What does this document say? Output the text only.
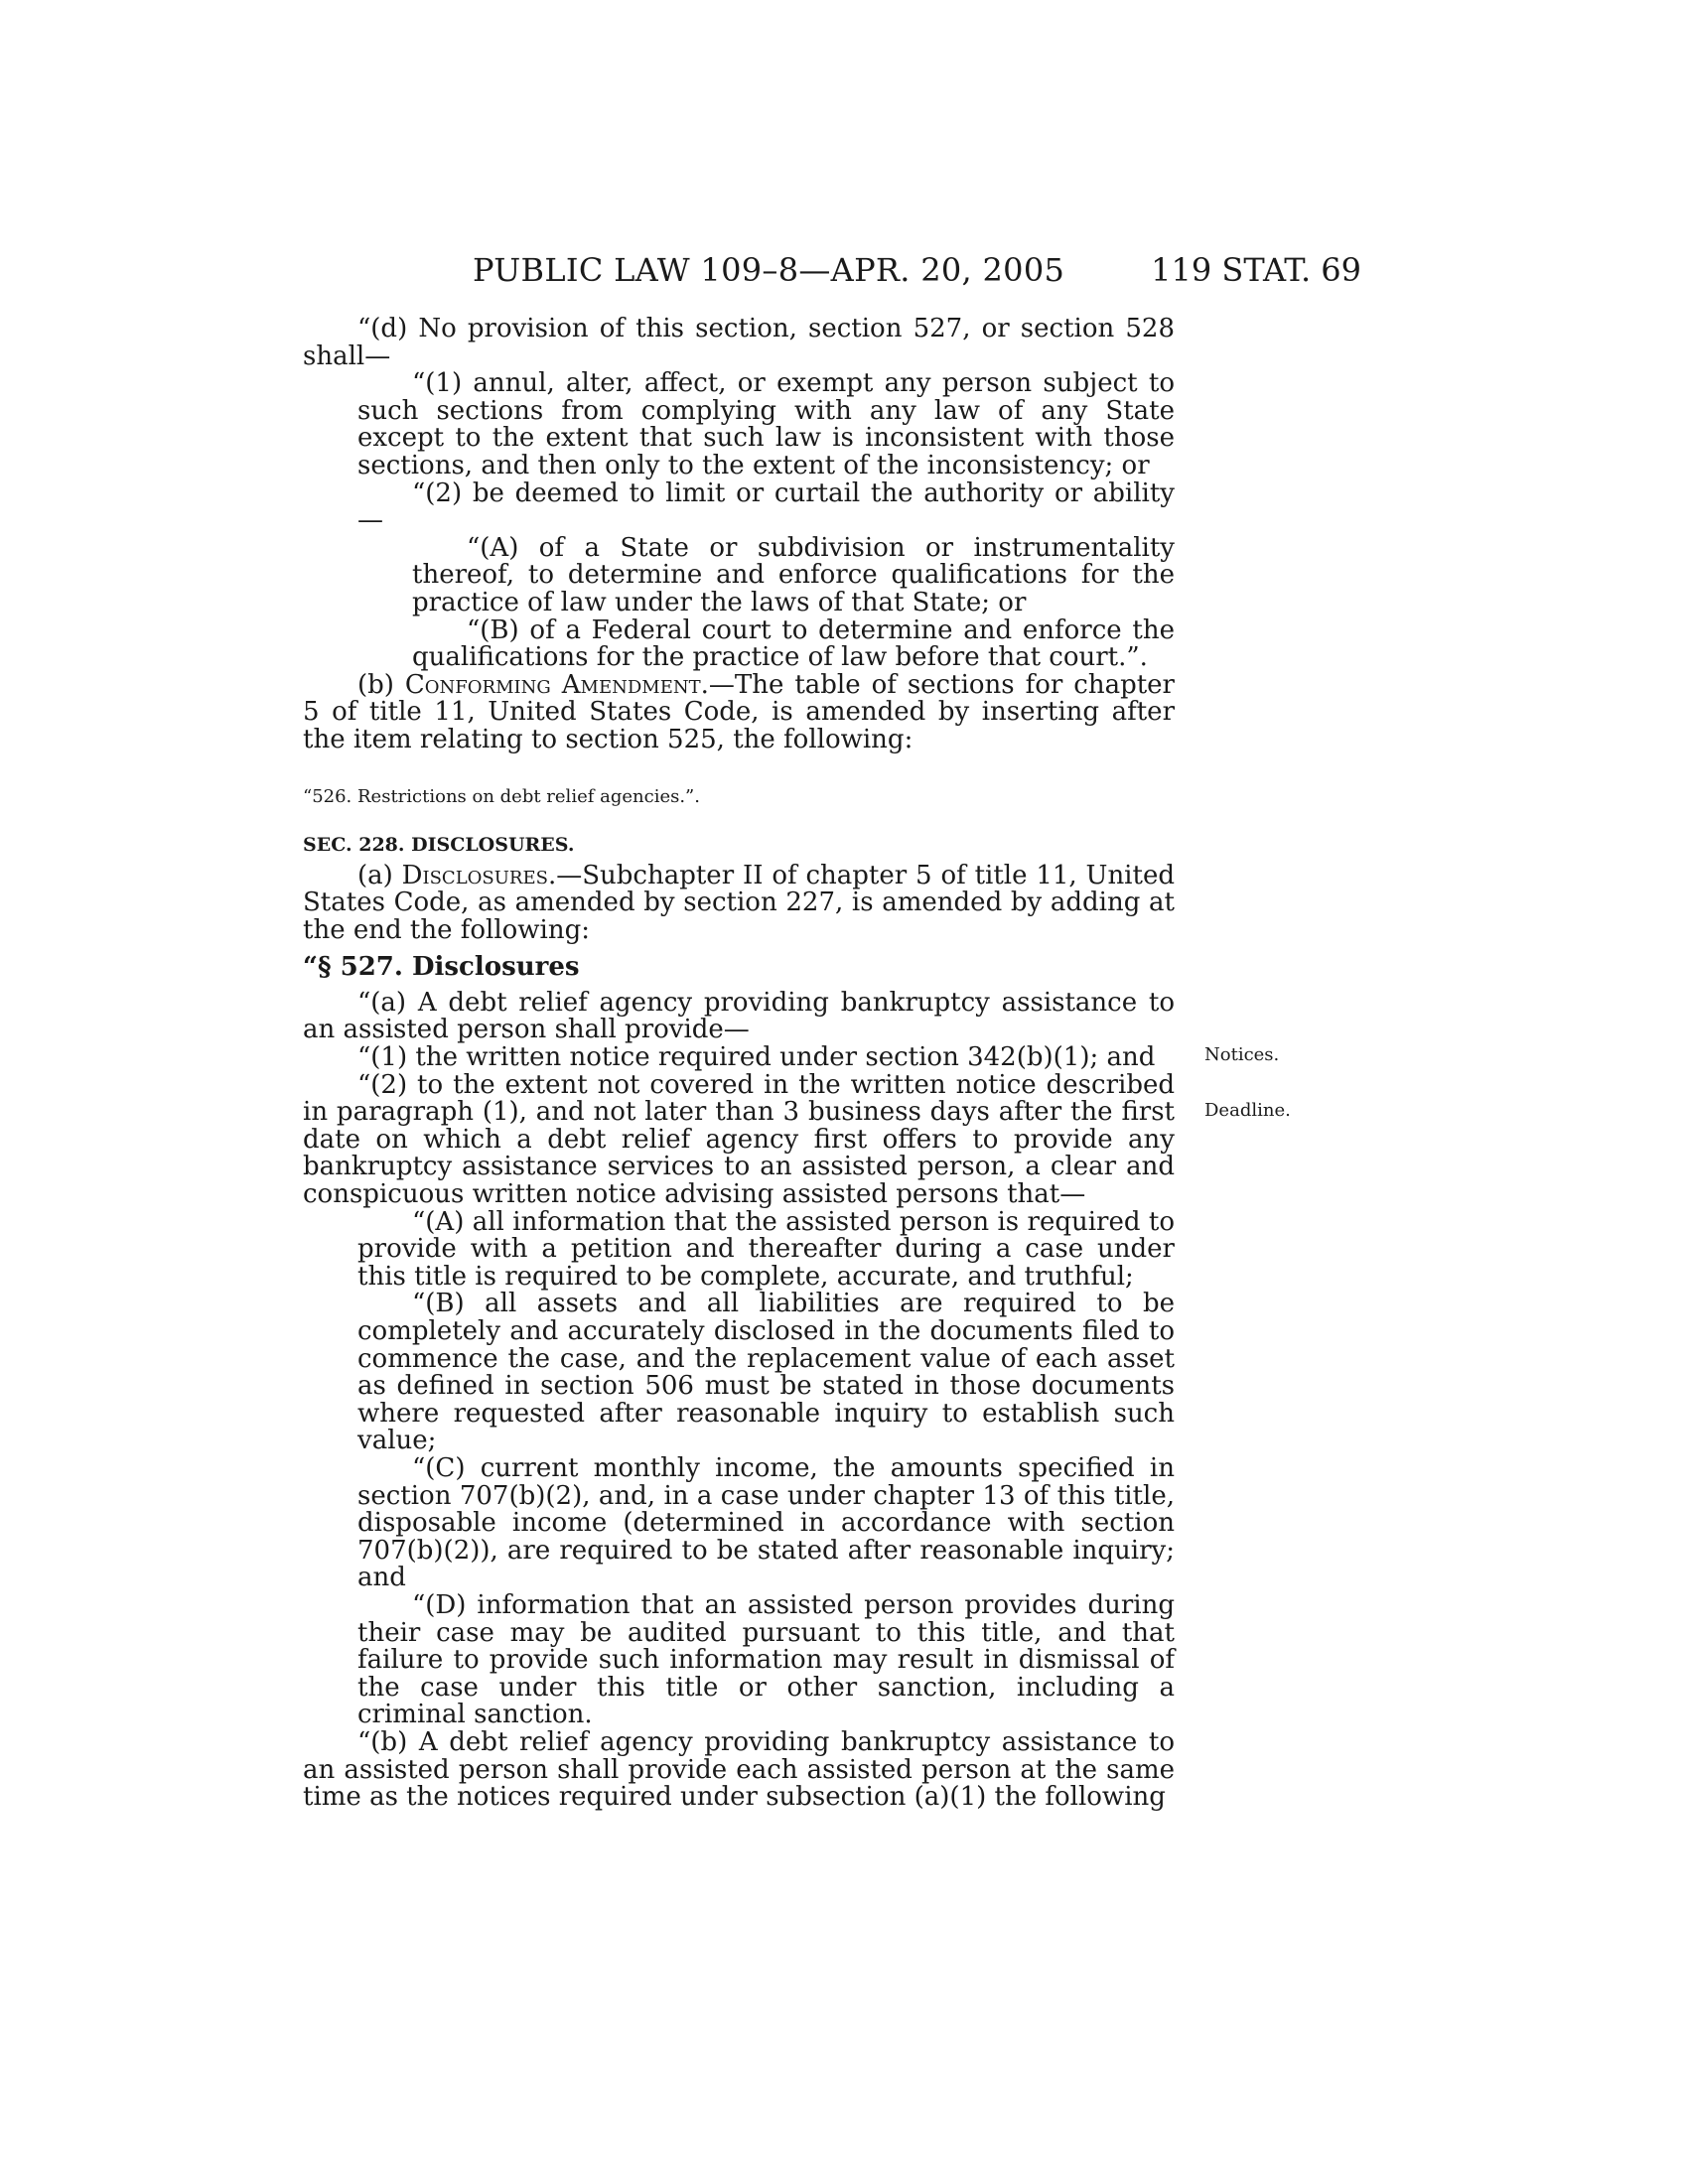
PUBLIC LAW 109–8—APR. 20, 2005	119 STAT. 69

“(d) No provision of this section, section 527, or section 528 shall—

“(1) annul, alter, affect, or exempt any person subject to such sections from complying with any law of any State except to the extent that such law is inconsistent with those sections, and then only to the extent of the inconsistency; or

“(2) be deemed to limit or curtail the authority or ability—

“(A) of a State or subdivision or instrumentality thereof, to determine and enforce qualifications for the practice of law under the laws of that State; or

“(B) of a Federal court to determine and enforce the qualifications for the practice of law before that court.”.

(b) Conforming Amendment.—The table of sections for chapter 5 of title 11, United States Code, is amended by inserting after the item relating to section 525, the following:

“526. Restrictions on debt relief agencies.”.

SEC. 228. DISCLOSURES.

(a) Disclosures.—Subchapter II of chapter 5 of title 11, United States Code, as amended by section 227, is amended by adding at the end the following:

“§ 527. Disclosures

“(a) A debt relief agency providing bankruptcy assistance to an assisted person shall provide—

“(1) the written notice required under section 342(b)(1); and

“(2) to the extent not covered in the written notice described in paragraph (1), and not later than 3 business days after the first date on which a debt relief agency first offers to provide any bankruptcy assistance services to an assisted person, a clear and conspicuous written notice advising assisted persons that—

“(A) all information that the assisted person is required to provide with a petition and thereafter during a case under this title is required to be complete, accurate, and truthful;

“(B) all assets and all liabilities are required to be completely and accurately disclosed in the documents filed to commence the case, and the replacement value of each asset as defined in section 506 must be stated in those documents where requested after reasonable inquiry to establish such value;

“(C) current monthly income, the amounts specified in section 707(b)(2), and, in a case under chapter 13 of this title, disposable income (determined in accordance with section 707(b)(2)), are required to be stated after reasonable inquiry; and

“(D) information that an assisted person provides during their case may be audited pursuant to this title, and that failure to provide such information may result in dismissal of the case under this title or other sanction, including a criminal sanction.

“(b) A debt relief agency providing bankruptcy assistance to an assisted person shall provide each assisted person at the same time as the notices required under subsection (a)(1) the following

Notices.
Deadline.
